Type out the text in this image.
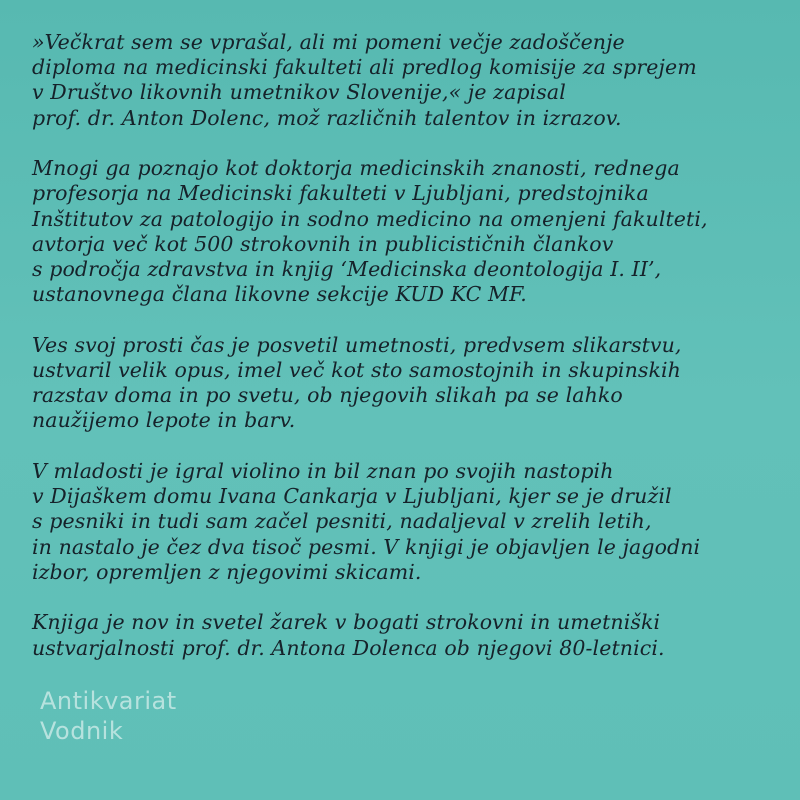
»Večkrat sem se vprašal, ali mi pomeni večje zadoščenje
diploma na medicinski fakulteti ali predlog komisije za sprejem
v Društvo likovnih umetnikov Slovenije,« je zapisal
prof. dr. Anton Dolenc, mož različnih talentov in izrazov.

Mnogi ga poznajo kot doktorja medicinskih znanosti, rednega
profesorja na Medicinski fakulteti v Ljubljani, predstojnika
Inštitutov za patologijo in sodno medicino na omenjeni fakulteti,
avtorja več kot 500 strokovnih in publicističnih člankov
s področja zdravstva in knjig ‘Medicinska deontologija I. II’,
ustanovnega člana likovne sekcije KUD KC MF.

Ves svoj prosti čas je posvetil umetnosti, predvsem slikarstvu,
ustvaril velik opus, imel več kot sto samostojnih in skupinskih
razstav doma in po svetu, ob njegovih slikah pa se lahko
naužijemo lepote in barv.

V mladosti je igral violino in bil znan po svojih nastopih
v Dijaškem domu Ivana Cankarja v Ljubljani, kjer se je družil
s pesniki in tudi sam začel pesniti, nadaljeval v zrelih letih,
in nastalo je čez dva tisoč pesmi. V knjigi je objavljen le jagodni
izbor, opremljen z njegovimi skicami.

Knjiga je nov in svetel žarek v bogati strokovni in umetniški
ustvarjalnosti prof. dr. Antona Dolenca ob njegovi 80-letnici.

Antikvariat
Vodnik
